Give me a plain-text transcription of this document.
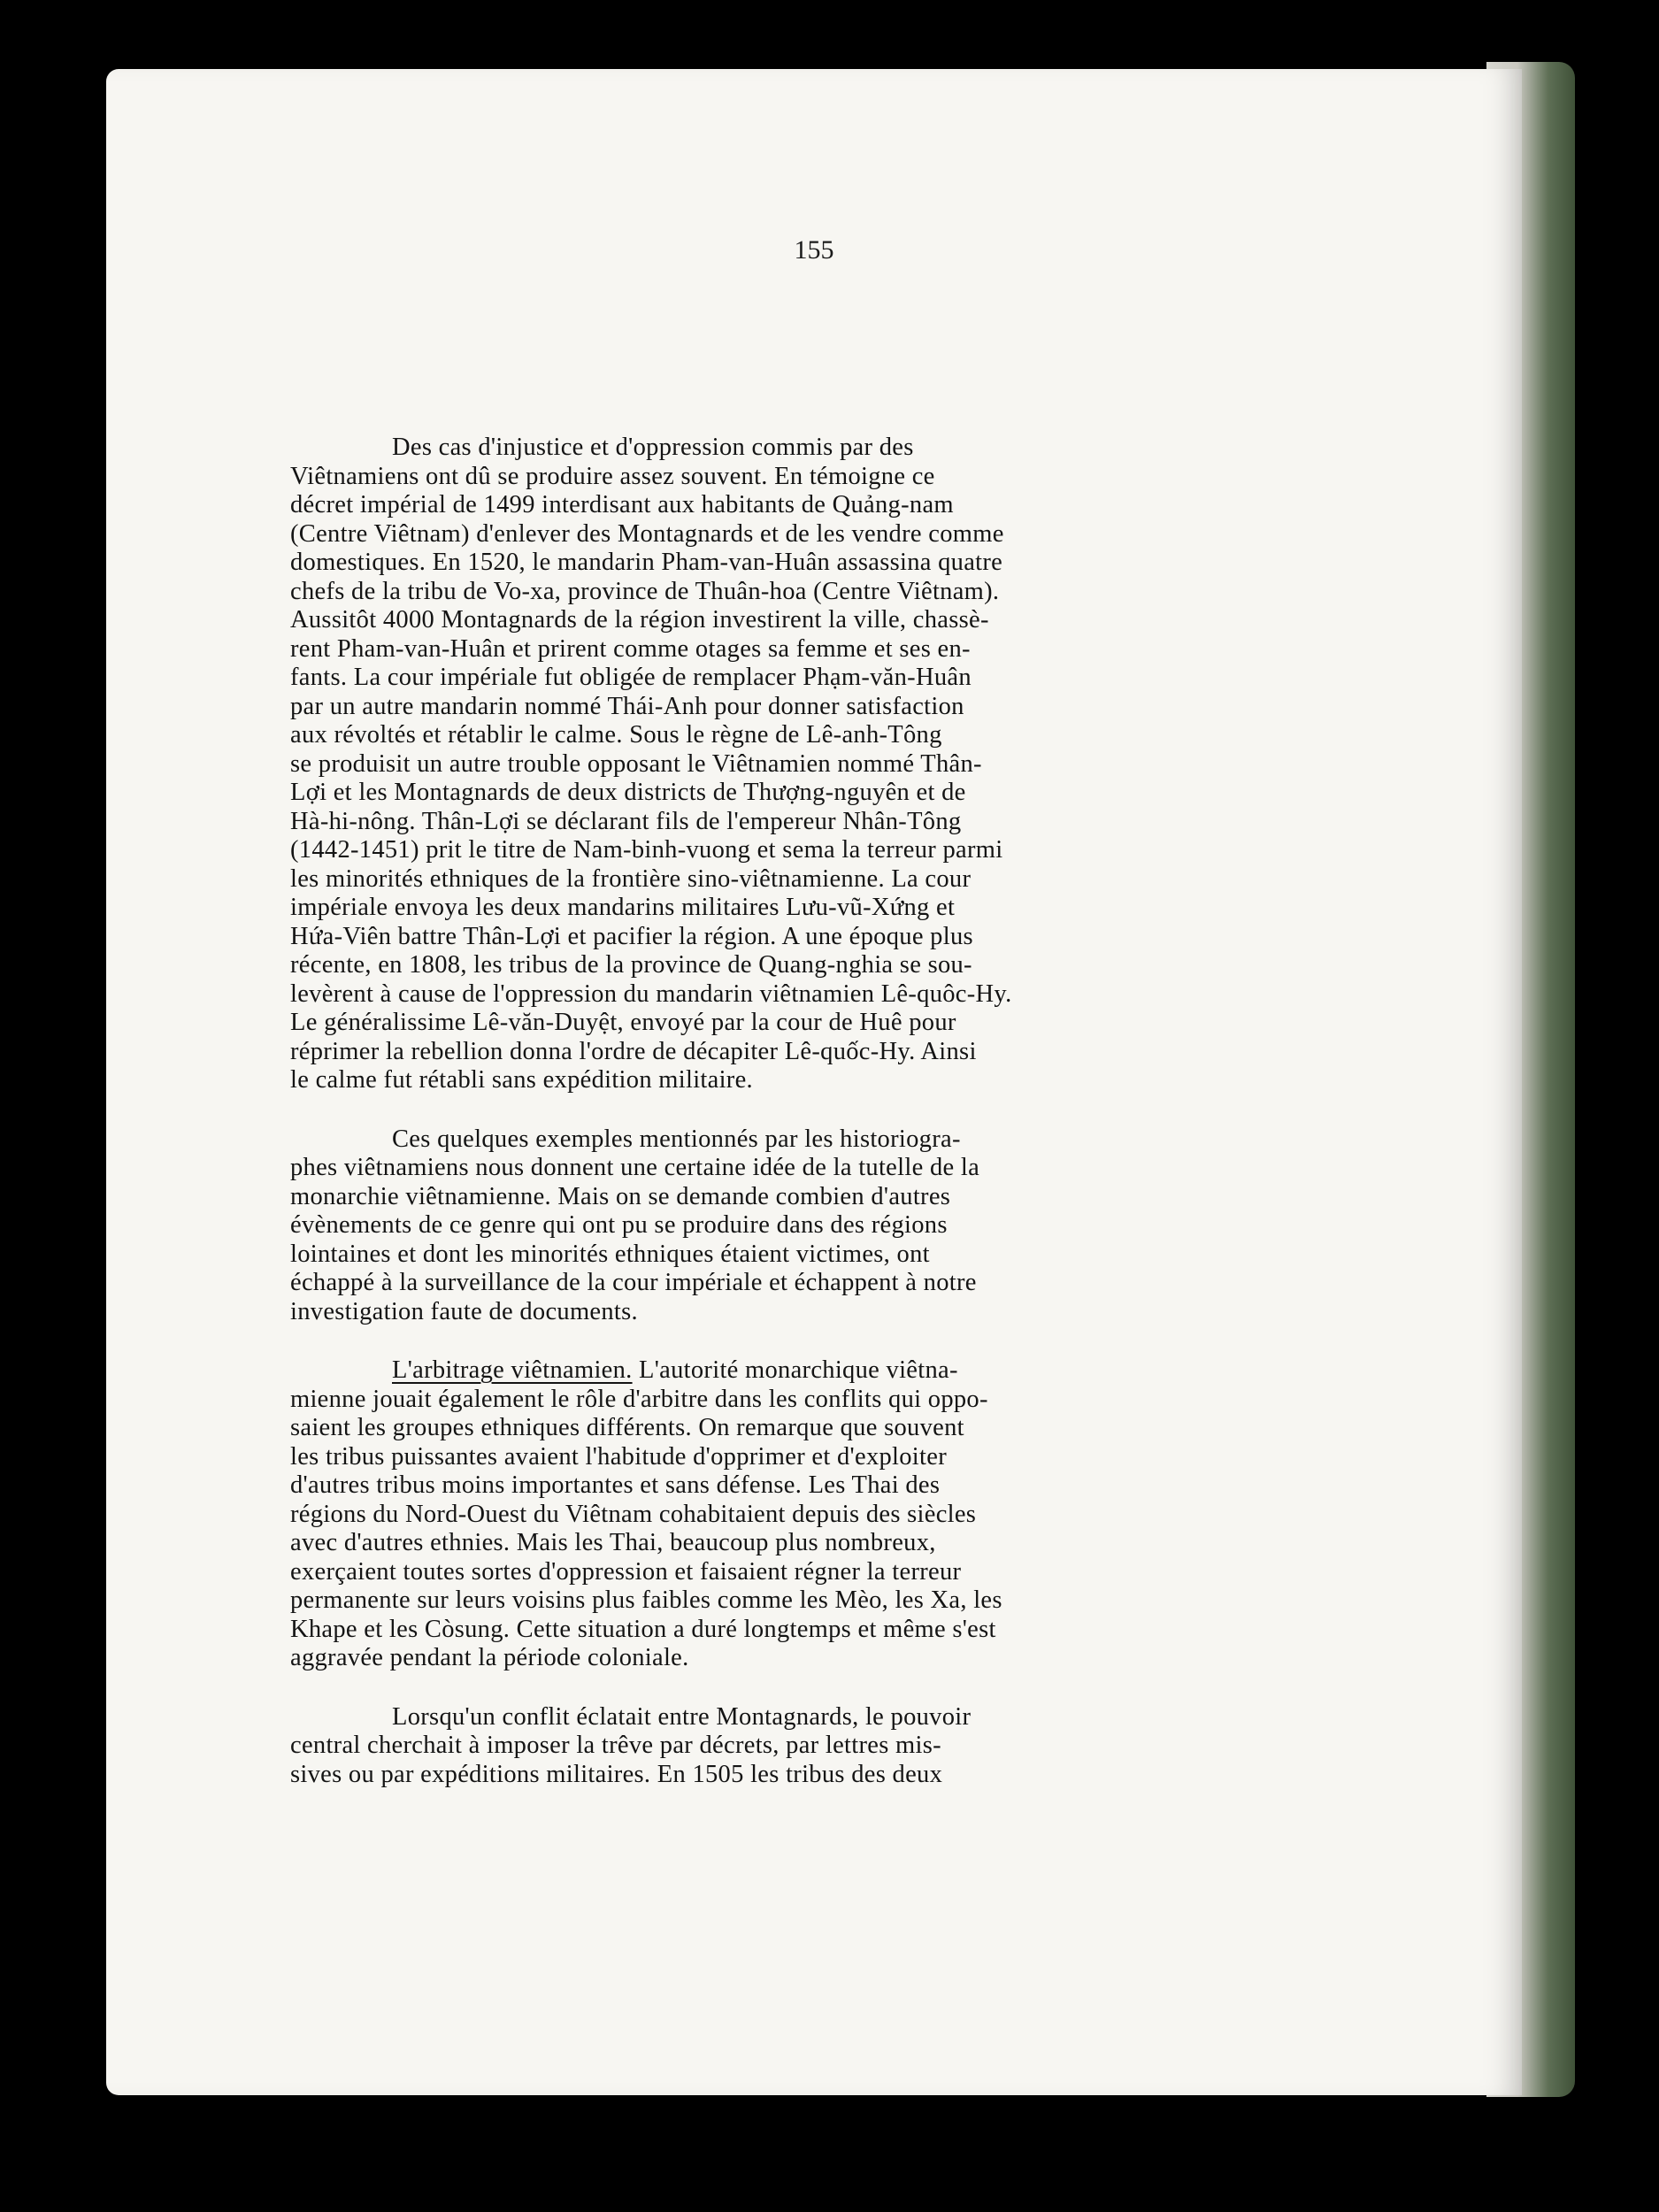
155
Des cas d'injustice et d'oppression commis par des
Viêtnamiens ont dû se produire assez souvent. En témoigne ce
décret impérial de 1499 interdisant aux habitants de Quảng-nam
(Centre Viêtnam) d'enlever des Montagnards et de les vendre comme
domestiques. En 1520, le mandarin Pham-van-Huân assassina quatre
chefs de la tribu de Vo-xa, province de Thuân-hoa (Centre Viêtnam).
Aussitôt 4000 Montagnards de la région investirent la ville, chassè-
rent Pham-van-Huân et prirent comme otages sa femme et ses en-
fants. La cour impériale fut obligée de remplacer Phạm-văn-Huân
par un autre mandarin nommé Thái-Anh pour donner satisfaction
aux révoltés et rétablir le calme. Sous le règne de Lê-anh-Tông
se produisit un autre trouble opposant le Viêtnamien nommé Thân-
Lợi et les Montagnards de deux districts de Thượng-nguyên et de
Hà-hi-nông. Thân-Lợi se déclarant fils de l'empereur Nhân-Tông
(1442-1451) prit le titre de Nam-binh-vuong et sema la terreur parmi
les minorités ethniques de la frontière sino-viêtnamienne. La cour
impériale envoya les deux mandarins militaires Lưu-vũ-Xứng et
Hứa-Viên battre Thân-Lợi et pacifier la région. A une époque plus
récente, en 1808, les tribus de la province de Quang-nghia se sou-
levèrent à cause de l'oppression du mandarin viêtnamien Lê-quôc-Hy.
Le généralissime Lê-văn-Duyệt, envoyé par la cour de Huê pour
réprimer la rebellion donna l'ordre de décapiter Lê-quốc-Hy. Ainsi
le calme fut rétabli sans expédition militaire.
Ces quelques exemples mentionnés par les historiogra-
phes viêtnamiens nous donnent une certaine idée de la tutelle de la
monarchie viêtnamienne. Mais on se demande combien d'autres
évènements de ce genre qui ont pu se produire dans des régions
lointaines et dont les minorités ethniques étaient victimes, ont
échappé à la surveillance de la cour impériale et échappent à notre
investigation faute de documents.
L'arbitrage viêtnamien. L'autorité monarchique viêtna-
mienne jouait également le rôle d'arbitre dans les conflits qui oppo-
saient les groupes ethniques différents. On remarque que souvent
les tribus puissantes avaient l'habitude d'opprimer et d'exploiter
d'autres tribus moins importantes et sans défense. Les Thai des
régions du Nord-Ouest du Viêtnam cohabitaient depuis des siècles
avec d'autres ethnies. Mais les Thai, beaucoup plus nombreux,
exerçaient toutes sortes d'oppression et faisaient régner la terreur
permanente sur leurs voisins plus faibles comme les Mèo, les Xa, les
Khape et les Còsung. Cette situation a duré longtemps et même s'est
aggravée pendant la période coloniale.
Lorsqu'un conflit éclatait entre Montagnards, le pouvoir
central cherchait à imposer la trêve par décrets, par lettres mis-
sives ou par expéditions militaires. En 1505 les tribus des deux
